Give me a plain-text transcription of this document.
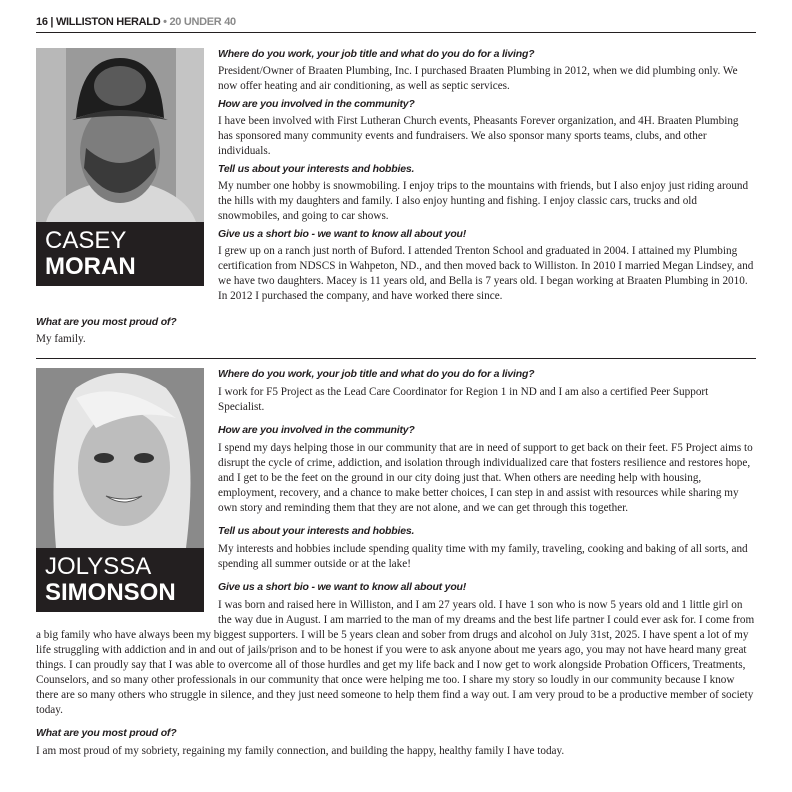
16 | WILLISTON HERALD • 20 UNDER 40
CASEY
MORAN

Where do you work, your job title and what do you do for a living?

President/Owner of Braaten Plumbing, Inc. I purchased Braaten Plumbing in 2012, when we did plumbing only. We now offer heating and air conditioning, as well as septic services.

How are you involved in the community?

I have been involved with First Lutheran Church events, Pheasants Forever organization, and 4H. Braaten Plumbing has sponsored many community events and fundraisers. We also sponsor many sports teams, clubs, and other individuals.

Tell us about your interests and hobbies.

My number one hobby is snowmobiling. I enjoy trips to the mountains with friends, but I also enjoy just riding around the hills with my daughters and family. I also enjoy hunting and fishing. I enjoy classic cars, trucks and old snowmobiles, and going to car shows.

Give us a short bio - we want to know all about you!

I grew up on a ranch just north of Buford. I attended Trenton School and graduated in 2004. I attained my Plumbing certification from NDSCS in Wahpeton, ND., and then moved back to Williston. In 2010 I married Megan Lindsey, and we have two daughters. Macey is 11 years old, and Bella is 7 years old. I began working at Braaten Plumbing in 2010. In 2012 I purchased the company, and have worked there since.

What are you most proud of?

My family.

JOLYSSA
SIMONSON

Where do you work, your job title and what do you do for a living?

I work for F5 Project as the Lead Care Coordinator for Region 1 in ND and I am also a certified Peer Support Specialist.

How are you involved in the community?

I spend my days helping those in our community that are in need of support to get back on their feet. F5 Project aims to disrupt the cycle of crime, addiction, and isolation through individualized care that fosters resilience and restores hope, and I get to be the feet on the ground in our city doing just that. When others are needing help with housing, employment, recovery, and a chance to make better choices, I can step in and assist with resources while sharing my own story and reminding them that they are not alone, and we can get through this together.

Tell us about your interests and hobbies.

My interests and hobbies include spending quality time with my family, traveling, cooking and baking of all sorts, and spending all summer outside or at the lake!

Give us a short bio - we want to know all about you!

I was born and raised here in Williston, and I am 27 years old. I have 1 son who is now 5 years old and 1 little girl on the way due in August. I am married to the man of my dreams and the best life partner I could ever ask for. I come from a big family who have always been my biggest supporters. I will be 5 years clean and sober from drugs and alcohol on July 31st, 2025. I have spent a lot of my life struggling with addiction and in and out of jails/prison and to be honest if you were to ask anyone about me years ago, you may not have heard many great things. I can proudly say that I was able to overcome all of those hurdles and get my life back and I now get to work alongside Probation Officers, Treatments, Counselors, and so many other professionals in our community that once were helping me too. I share my story so loudly in our community because I know there are so many others who struggle in silence, and they just need someone to help them find a way out. I am very proud to be a productive member of society today.

What are you most proud of?

I am most proud of my sobriety, regaining my family connection, and building the happy, healthy family I have today.
